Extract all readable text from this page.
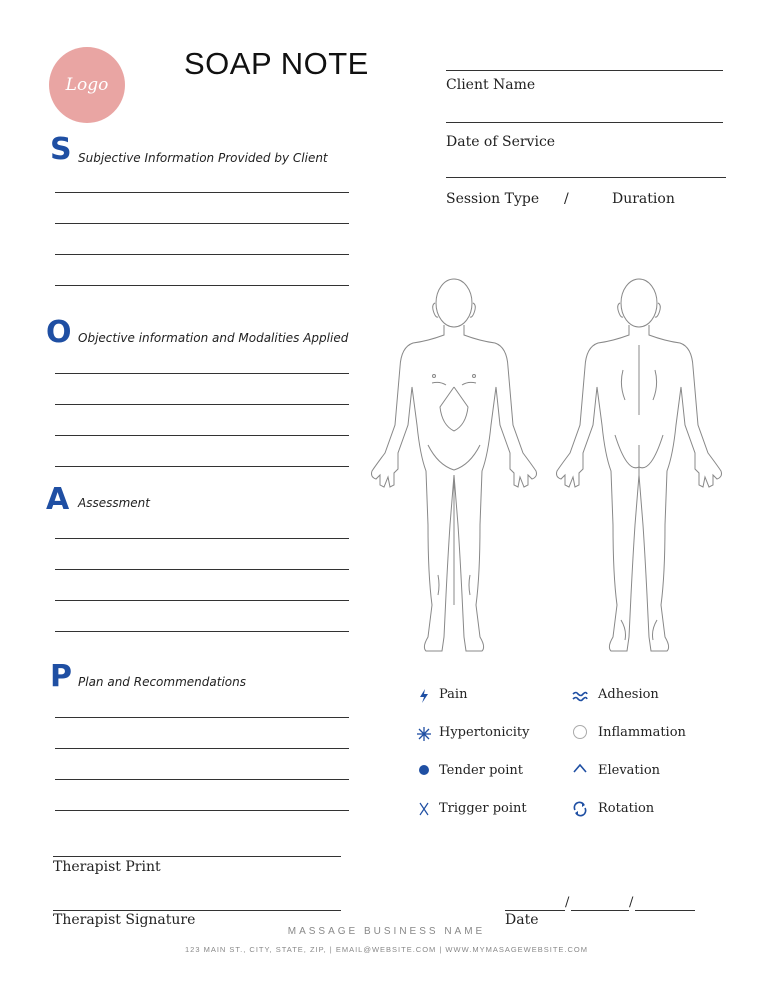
Logo
SOAP NOTE
Client Name
Date of Service
Session Type /	Duration
S Subjective Information Provided by Client
O Objective information and Modalities Applied
A Assessment
P Plan and Recommendations
Pain	Adhesion
Hypertonicity	Inflammation
Tender point	Elevation
Trigger point	Rotation
Therapist Print
Therapist Signature
/	/
Date
MASSAGE BUSINESS NAME
123 MAIN ST., CITY, STATE, ZIP, | EMAIL@WEBSITE.COM | WWW.MYMASAGEWEBSITE.COM
